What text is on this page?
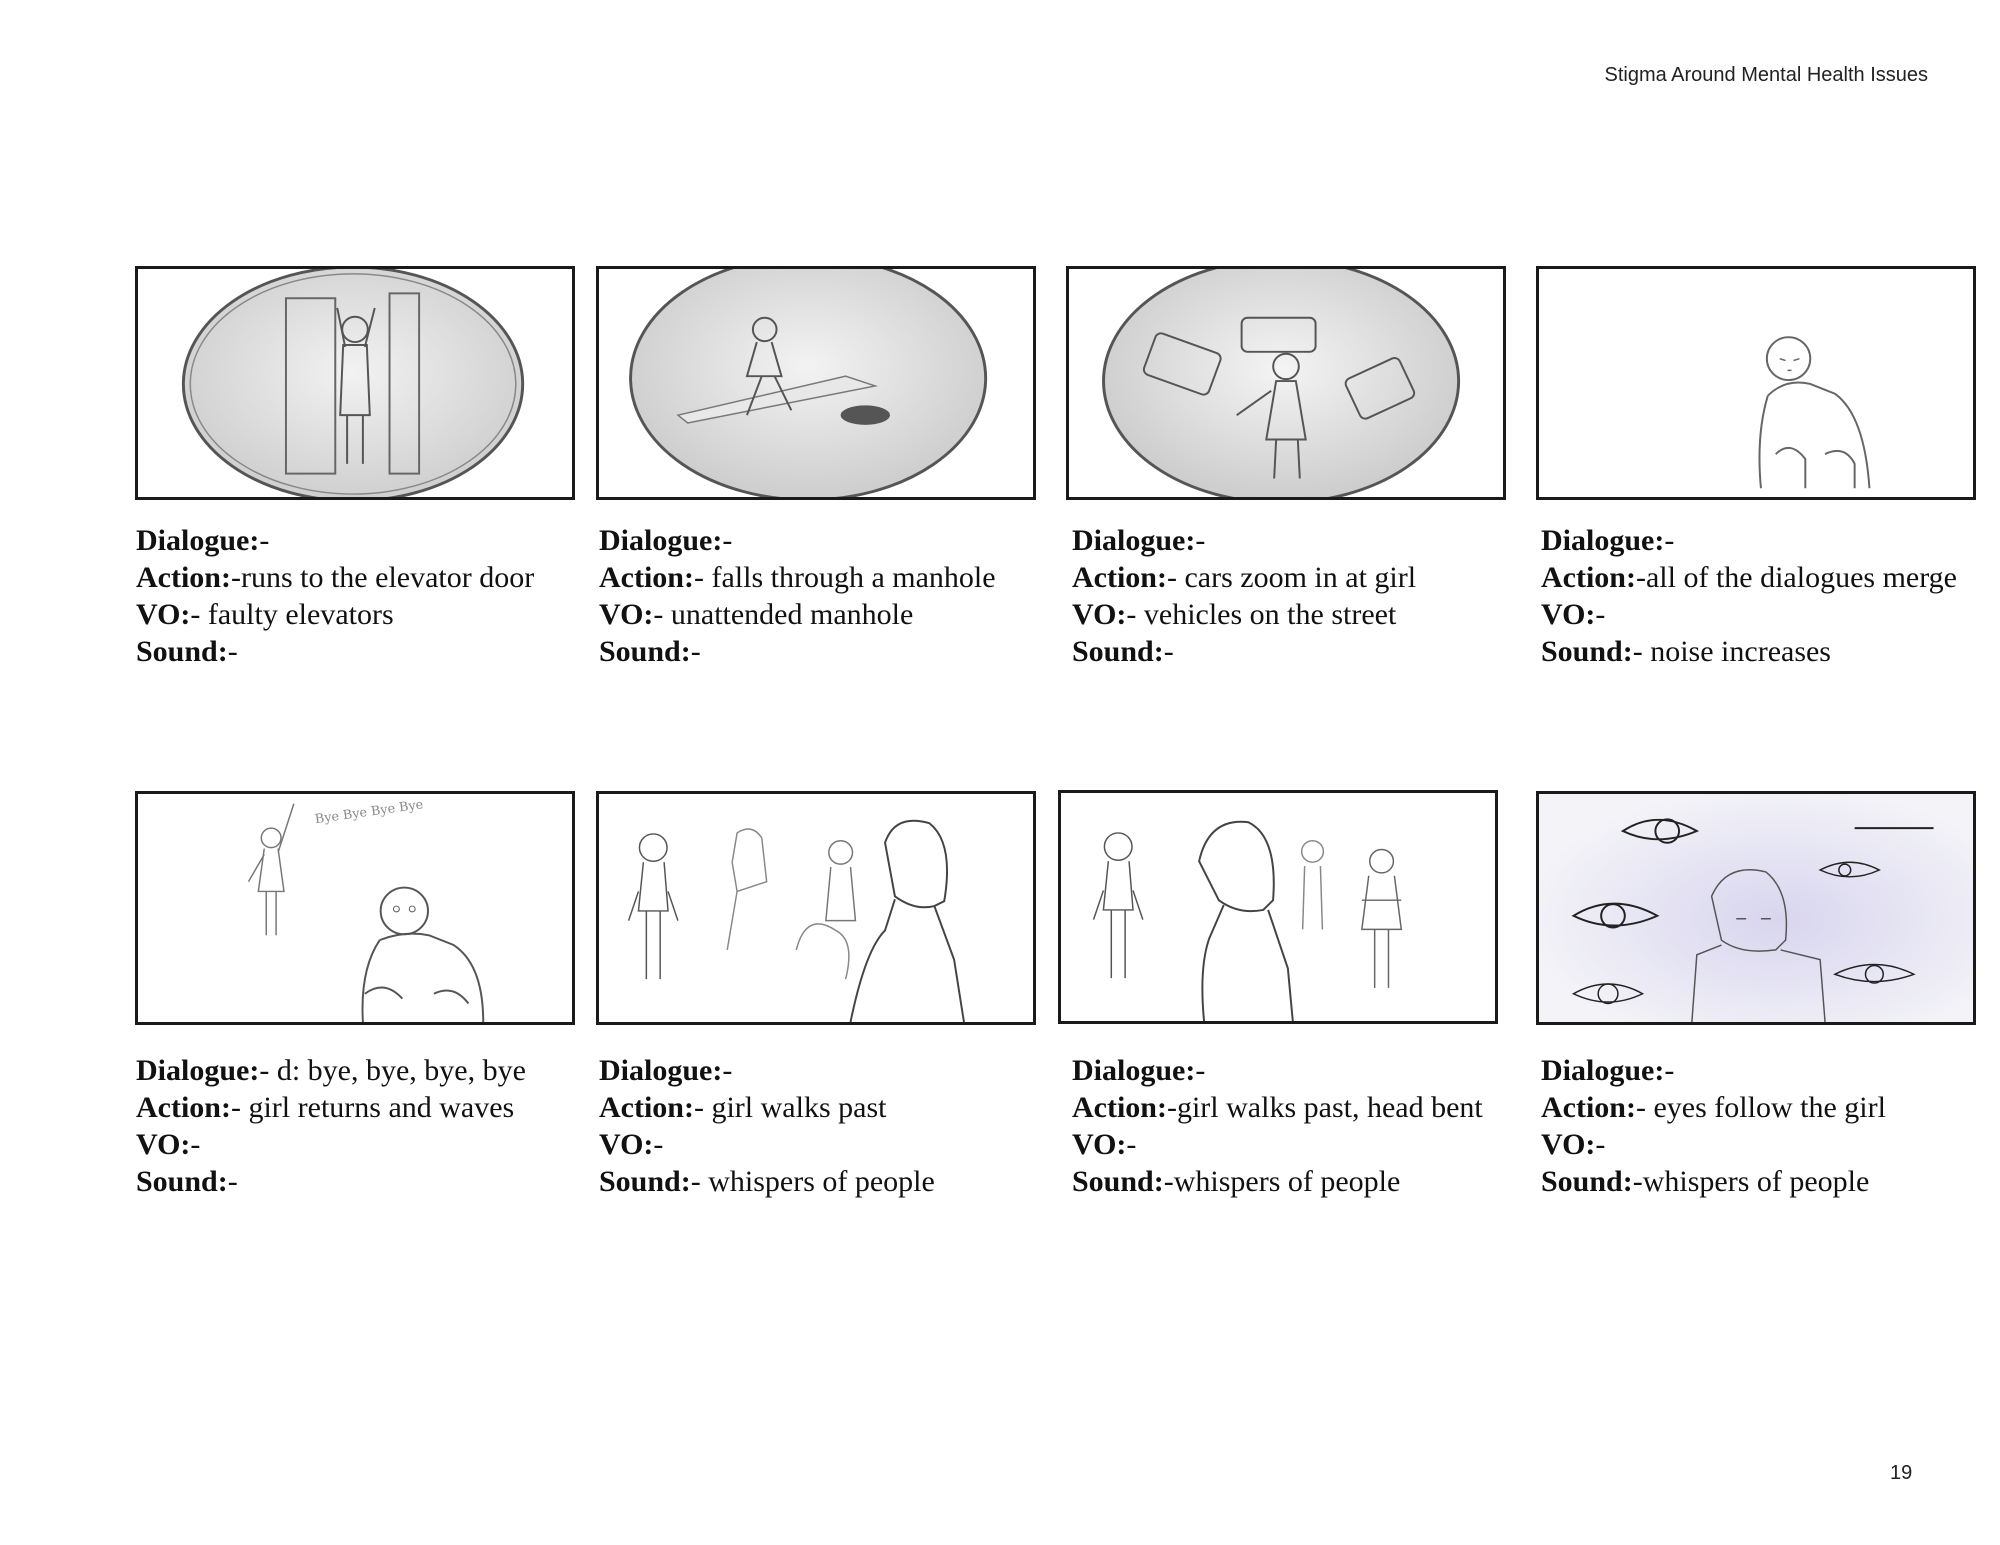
Stigma Around Mental Health Issues
Dialogue:-
Action:-runs to the elevator door
VO:- faulty elevators
Sound:-
Dialogue:-
Action:- falls through a manhole
VO:- unattended manhole
Sound:-
Dialogue:-
Action:- cars zoom in at girl
VO:- vehicles on the street
Sound:-
Dialogue:-
Action:-all of the dialogues merge
VO:-
Sound:- noise increases
Bye Bye Bye Bye
Dialogue:- d: bye, bye, bye, bye
Action:- girl returns and waves
VO:-
Sound:-
Dialogue:-
Action:- girl walks past
VO:-
Sound:- whispers of people
Dialogue:-
Action:-girl walks past, head bent
VO:-
Sound:-whispers of people
Dialogue:-
Action:- eyes follow the girl
VO:-
Sound:-whispers of people
19
